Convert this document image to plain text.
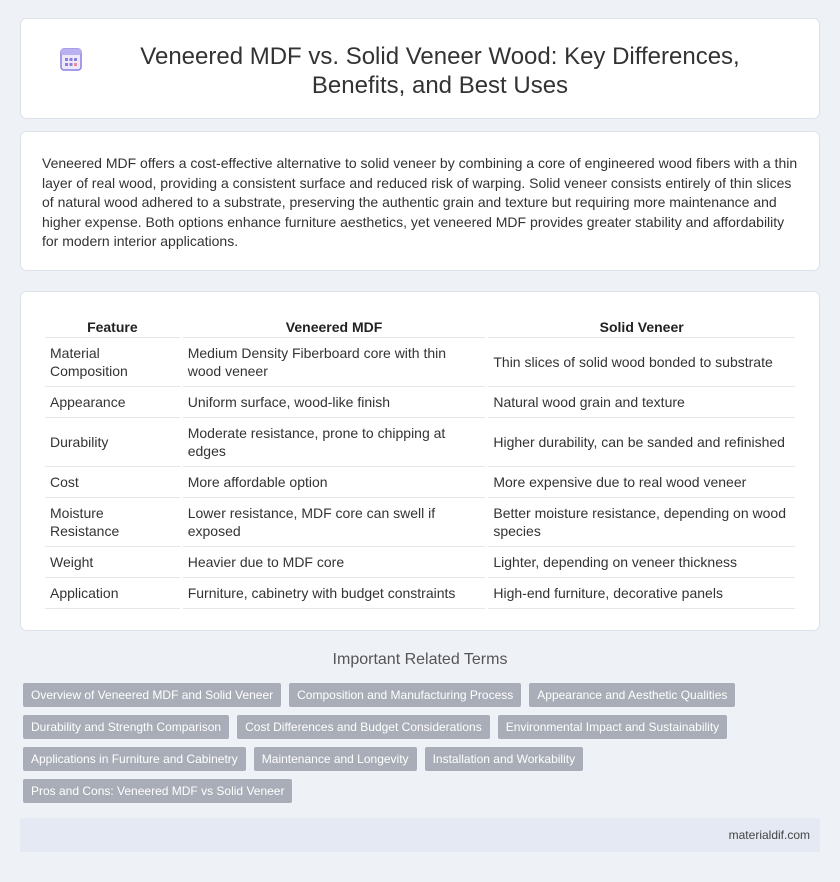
Veneered MDF vs. Solid Veneer Wood: Key Differences, Benefits, and Best Uses

Veneered MDF offers a cost-effective alternative to solid veneer by combining a core of engineered wood fibers with a thin layer of real wood, providing a consistent surface and reduced risk of warping. Solid veneer consists entirely of thin slices of natural wood adhered to a substrate, preserving the authentic grain and texture but requiring more maintenance and higher expense. Both options enhance furniture aesthetics, yet veneered MDF provides greater stability and affordability for modern interior applications.

Feature	Veneered MDF	Solid Veneer
Material Composition	Medium Density Fiberboard core with thin wood veneer	Thin slices of solid wood bonded to substrate
Appearance	Uniform surface, wood-like finish	Natural wood grain and texture
Durability	Moderate resistance, prone to chipping at edges	Higher durability, can be sanded and refinished
Cost	More affordable option	More expensive due to real wood veneer
Moisture Resistance	Lower resistance, MDF core can swell if exposed	Better moisture resistance, depending on wood species
Weight	Heavier due to MDF core	Lighter, depending on veneer thickness
Application	Furniture, cabinetry with budget constraints	High-end furniture, decorative panels
Important Related Terms
Overview of Veneered MDF and Solid Veneer	Composition and Manufacturing Process	Appearance and Aesthetic Qualities
Durability and Strength Comparison	Cost Differences and Budget Considerations	Environmental Impact and Sustainability
Applications in Furniture and Cabinetry	Maintenance and Longevity	Installation and Workability
Pros and Cons: Veneered MDF vs Solid Veneer
materialdif.com
